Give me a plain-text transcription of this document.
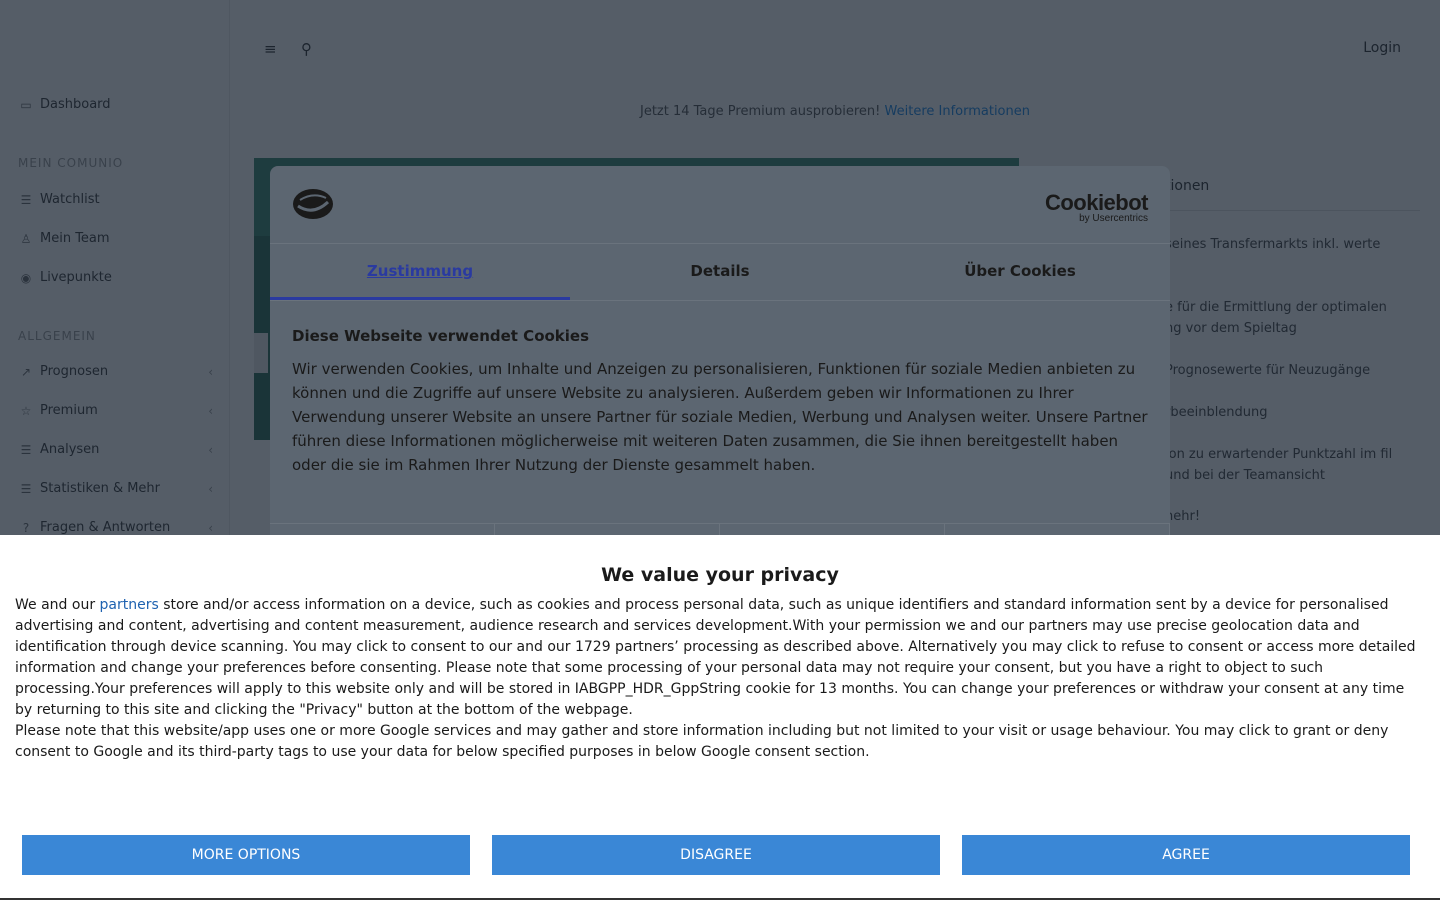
Cookiebot
by Usercentrics
Zustimmung	Details	Über Cookies
Diese Webseite verwendet Cookies
Wir verwenden Cookies, um Inhalte und Anzeigen zu personalisieren, Funktionen für soziale Medien anbieten zu können und die Zugriffe auf unsere Website zu analysieren. Außerdem geben wir Informationen zu Ihrer Verwendung unserer Website an unsere Partner für soziale Medien, Werbung und Analysen weiter. Unsere Partner führen diese Informationen möglicherweise mit weiteren Daten zusammen, die Sie ihnen bereitgestellt haben oder die sie im Rahmen Ihrer Nutzung der Dienste gesammelt haben.
We value your privacy
We and our partners store and/or access information on a device, such as cookies and process personal data, such as unique identifiers and standard information sent by a device for personalised advertising and content, advertising and content measurement, audience research and services development.With your permission we and our partners may use precise geolocation data and identification through device scanning. You may click to consent to our and our 1729 partners’ processing as described above. Alternatively you may click to refuse to consent or access more detailed information and change your preferences before consenting. Please note that some processing of your personal data may not require your consent, but you have a right to object to such processing.Your preferences will apply to this website only and will be stored in IABGPP_HDR_GppString cookie for 13 months. You can change your preferences or withdraw your consent at any time by returning to this site and clicking the "Privacy" button at the bottom of the webpage.
Please note that this website/app uses one or more Google services and may gather and store information including but not limited to your visit or usage behaviour. You may click to grant or deny consent to Google and its third-party tags to use your data for below specified purposes in below Google consent section.
MORE OPTIONS	DISAGREE	AGREE
